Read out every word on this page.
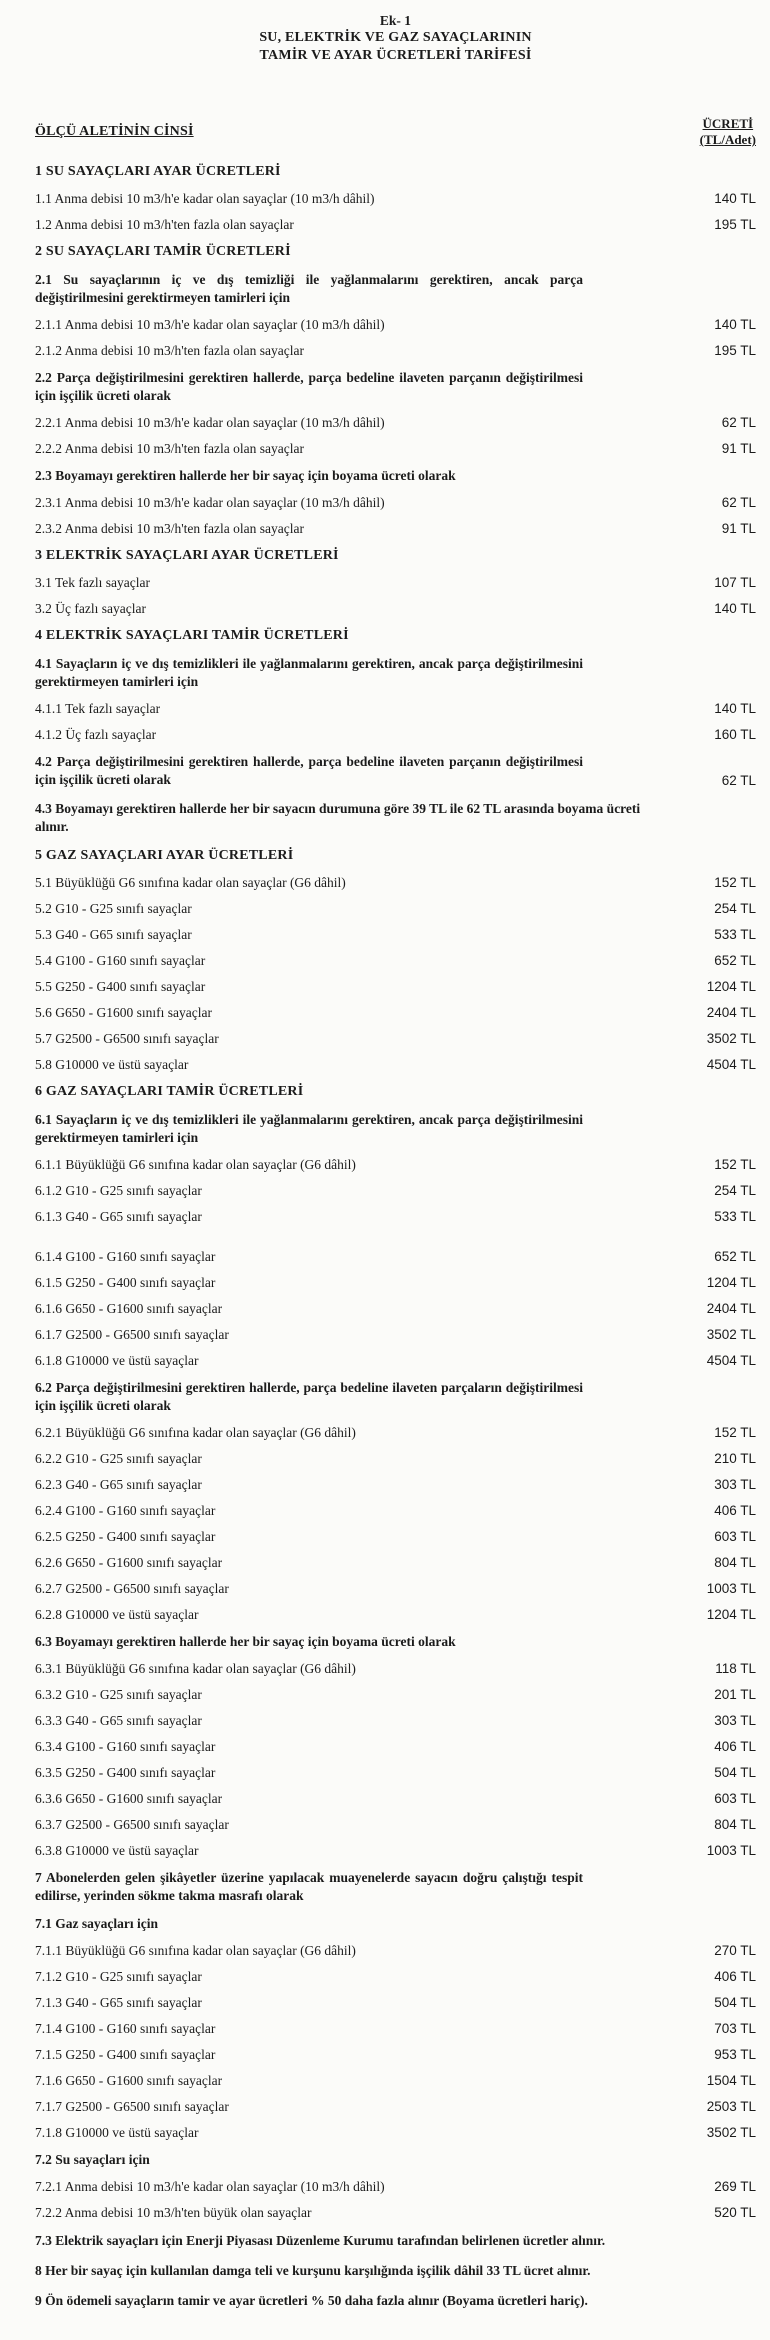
Ek- 1
SU, ELEKTRİK VE GAZ SAYAÇLARININ
TAMİR VE AYAR ÜCRETLERİ TARİFESİ
ÖLÇÜ ALETİNİN CİNSİ
ÜCRETİ
(TL/Adet)
1 SU SAYAÇLARI AYAR ÜCRETLERİ
1.1 Anma debisi 10 m3/h'e kadar olan sayaçlar (10 m3/h dâhil)	140 TL
1.2 Anma debisi 10 m3/h'ten fazla olan sayaçlar	195 TL
2 SU SAYAÇLARI TAMİR ÜCRETLERİ
2.1 Su sayaçlarının iç ve dış temizliği ile yağlanmalarını gerektiren, ancak parça değiştirilmesini gerektirmeyen tamirleri için
2.1.1 Anma debisi 10 m3/h'e kadar olan sayaçlar (10 m3/h dâhil)	140 TL
2.1.2 Anma debisi 10 m3/h'ten fazla olan sayaçlar	195 TL
2.2 Parça değiştirilmesini gerektiren hallerde, parça bedeline ilaveten parçanın değiştirilmesi için işçilik ücreti olarak
2.2.1 Anma debisi 10 m3/h'e kadar olan sayaçlar (10 m3/h dâhil)	62 TL
2.2.2 Anma debisi 10 m3/h'ten fazla olan sayaçlar	91 TL
2.3 Boyamayı gerektiren hallerde her bir sayaç için boyama ücreti olarak
2.3.1 Anma debisi 10 m3/h'e kadar olan sayaçlar (10 m3/h dâhil)	62 TL
2.3.2 Anma debisi 10 m3/h'ten fazla olan sayaçlar	91 TL
3 ELEKTRİK SAYAÇLARI AYAR ÜCRETLERİ
3.1 Tek fazlı sayaçlar	107 TL
3.2 Üç fazlı sayaçlar	140 TL
4 ELEKTRİK SAYAÇLARI TAMİR ÜCRETLERİ
4.1 Sayaçların iç ve dış temizlikleri ile yağlanmalarını gerektiren, ancak parça değiştirilmesini gerektirmeyen tamirleri için
4.1.1 Tek fazlı sayaçlar	140 TL
4.1.2 Üç fazlı sayaçlar	160 TL
4.2 Parça değiştirilmesini gerektiren hallerde, parça bedeline ilaveten parçanın değiştirilmesi için işçilik ücreti olarak	62 TL
4.3 Boyamayı gerektiren hallerde her bir sayacın durumuna göre 39 TL ile 62 TL arasında boyama ücreti alınır.
5 GAZ SAYAÇLARI AYAR ÜCRETLERİ
5.1 Büyüklüğü G6 sınıfına kadar olan sayaçlar (G6 dâhil)	152 TL
5.2 G10 - G25 sınıfı sayaçlar	254 TL
5.3 G40 - G65 sınıfı sayaçlar	533 TL
5.4 G100 - G160 sınıfı sayaçlar	652 TL
5.5 G250 - G400 sınıfı sayaçlar	1204 TL
5.6 G650 - G1600 sınıfı sayaçlar	2404 TL
5.7 G2500 - G6500 sınıfı sayaçlar	3502 TL
5.8 G10000 ve üstü sayaçlar	4504 TL
6 GAZ SAYAÇLARI TAMİR ÜCRETLERİ
6.1 Sayaçların iç ve dış temizlikleri ile yağlanmalarını gerektiren, ancak parça değiştirilmesini gerektirmeyen tamirleri için
6.1.1 Büyüklüğü G6 sınıfına kadar olan sayaçlar (G6 dâhil)	152 TL
6.1.2 G10 - G25 sınıfı sayaçlar	254 TL
6.1.3 G40 - G65 sınıfı sayaçlar	533 TL
6.1.4 G100 - G160 sınıfı sayaçlar	652 TL
6.1.5 G250 - G400 sınıfı sayaçlar	1204 TL
6.1.6 G650 - G1600 sınıfı sayaçlar	2404 TL
6.1.7 G2500 - G6500 sınıfı sayaçlar	3502 TL
6.1.8 G10000 ve üstü sayaçlar	4504 TL
6.2 Parça değiştirilmesini gerektiren hallerde, parça bedeline ilaveten parçaların değiştirilmesi için işçilik ücreti olarak
6.2.1 Büyüklüğü G6 sınıfına kadar olan sayaçlar (G6 dâhil)	152 TL
6.2.2 G10 - G25 sınıfı sayaçlar	210 TL
6.2.3 G40 - G65 sınıfı sayaçlar	303 TL
6.2.4 G100 - G160 sınıfı sayaçlar	406 TL
6.2.5 G250 - G400 sınıfı sayaçlar	603 TL
6.2.6 G650 - G1600 sınıfı sayaçlar	804 TL
6.2.7 G2500 - G6500 sınıfı sayaçlar	1003 TL
6.2.8 G10000 ve üstü sayaçlar	1204 TL
6.3 Boyamayı gerektiren hallerde her bir sayaç için boyama ücreti olarak
6.3.1 Büyüklüğü G6 sınıfına kadar olan sayaçlar (G6 dâhil)	118 TL
6.3.2 G10 - G25 sınıfı sayaçlar	201 TL
6.3.3 G40 - G65 sınıfı sayaçlar	303 TL
6.3.4 G100 - G160 sınıfı sayaçlar	406 TL
6.3.5 G250 - G400 sınıfı sayaçlar	504 TL
6.3.6 G650 - G1600 sınıfı sayaçlar	603 TL
6.3.7 G2500 - G6500 sınıfı sayaçlar	804 TL
6.3.8 G10000 ve üstü sayaçlar	1003 TL
7 Abonelerden gelen şikâyetler üzerine yapılacak muayenelerde sayacın doğru çalıştığı tespit edilirse, yerinden sökme takma masrafı olarak
7.1 Gaz sayaçları için
7.1.1 Büyüklüğü G6 sınıfına kadar olan sayaçlar (G6 dâhil)	270 TL
7.1.2 G10 - G25 sınıfı sayaçlar	406 TL
7.1.3 G40 - G65 sınıfı sayaçlar	504 TL
7.1.4 G100 - G160 sınıfı sayaçlar	703 TL
7.1.5 G250 - G400 sınıfı sayaçlar	953 TL
7.1.6 G650 - G1600 sınıfı sayaçlar	1504 TL
7.1.7 G2500 - G6500 sınıfı sayaçlar	2503 TL
7.1.8 G10000 ve üstü sayaçlar	3502 TL
7.2 Su sayaçları için
7.2.1 Anma debisi 10 m3/h'e kadar olan sayaçlar (10 m3/h dâhil)	269 TL
7.2.2 Anma debisi 10 m3/h'ten büyük olan sayaçlar	520 TL
7.3 Elektrik sayaçları için Enerji Piyasası Düzenleme Kurumu tarafından belirlenen ücretler alınır.
8 Her bir sayaç için kullanılan damga teli ve kurşunu karşılığında işçilik dâhil 33 TL ücret alınır.
9 Ön ödemeli sayaçların tamir ve ayar ücretleri % 50 daha fazla alınır (Boyama ücretleri hariç).
